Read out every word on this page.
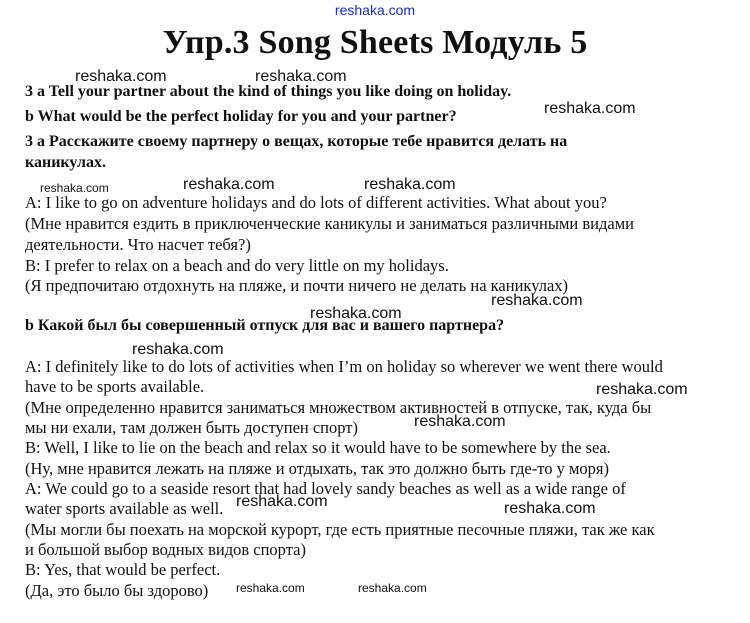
reshaka.com
Упр.3 Song Sheets Модуль 5
3 a Tell your partner about the kind of things you like doing on holiday.
b What would be the perfect holiday for you and your partner?
3 а Расскажите своему партнеру о вещах, которые тебе нравится делать на
каникулах.
A: I like to go on adventure holidays and do lots of different activities. What about you?
(Мне нравится ездить в приключенческие каникулы и заниматься различными видами
деятельности. Что насчет тебя?)
B: I prefer to relax on a beach and do very little on my holidays.
(Я предпочитаю отдохнуть на пляже, и почти ничего не делать на каникулах)
b Какой был бы совершенный отпуск для вас и вашего партнера?
A: I definitely like to do lots of activities when I’m on holiday so wherever we went there would
have to be sports available.
(Мне определенно нравится заниматься множеством активностей в отпуске, так, куда бы
мы ни ехали, там должен быть доступен спорт)
B: Well, I like to lie on the beach and relax so it would have to be somewhere by the sea.
(Ну, мне нравится лежать на пляже и отдыхать, так это должно быть где-то у моря)
A: We could go to a seaside resort that had lovely sandy beaches as well as a wide range of
water sports available as well.
(Мы могли бы поехать на морской курорт, где есть приятные песочные пляжи, так же как
и большой выбор водных видов спорта)
B: Yes, that would be perfect.
(Да, это было бы здорово)
reshaka.com	reshaka.com
reshaka.com
reshaka.com	reshaka.com	reshaka.com
reshaka.com
reshaka.com
reshaka.com
reshaka.com
reshaka.com
reshaka.com	reshaka.com
reshaka.com	reshaka.com
